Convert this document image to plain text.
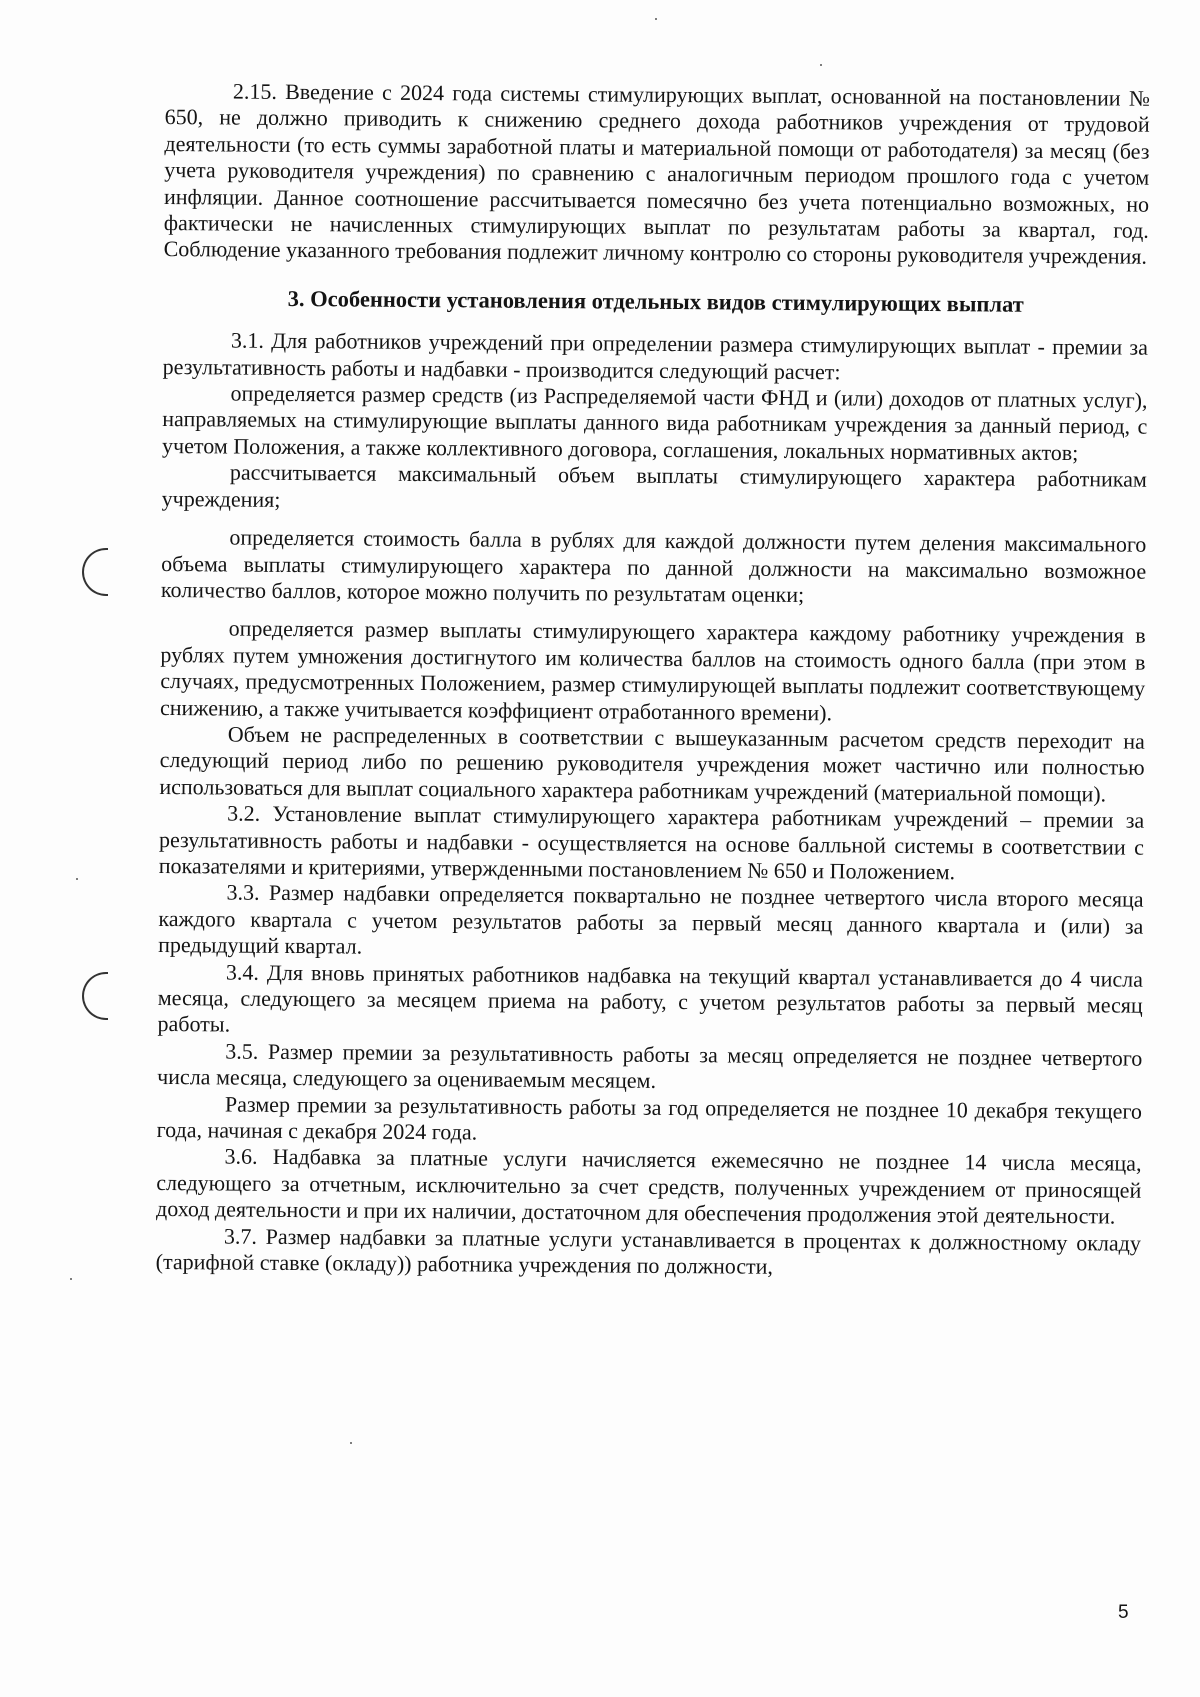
2.15. Введение с 2024 года системы стимулирующих выплат, основанной на постановлении № 650, не должно приводить к снижению среднего дохода работников учреждения от трудовой деятельности (то есть суммы заработной платы и материальной помощи от работодателя) за месяц (без учета руководителя учреждения) по сравнению с аналогичным периодом прошлого года с учетом инфляции. Данное соотношение рассчитывается помесячно без учета потенциально возможных, но фактически не начисленных стимулирующих выплат по результатам работы за квартал, год. Соблюдение указанного требования подлежит личному контролю со стороны руководителя учреждения.

3. Особенности установления отдельных видов стимулирующих выплат

3.1. Для работников учреждений при определении размера стимулирующих выплат - премии за результативность работы и надбавки - производится следующий расчет:

определяется размер средств (из Распределяемой части ФНД и (или) доходов от платных услуг), направляемых на стимулирующие выплаты данного вида работникам учреждения за данный период, с учетом Положения, а также коллективного договора, соглашения, локальных нормативных актов;

рассчитывается максимальный объем выплаты стимулирующего характера работникам учреждения;

определяется стоимость балла в рублях для каждой должности путем деления максимального объема выплаты стимулирующего характера по данной должности на максимально возможное количество баллов, которое можно получить по результатам оценки;

определяется размер выплаты стимулирующего характера каждому работнику учреждения в рублях путем умножения достигнутого им количества баллов на стоимость одного балла (при этом в случаях, предусмотренных Положением, размер стимулирующей выплаты подлежит соответствующему снижению, а также учитывается коэффициент отработанного времени).

Объем не распределенных в соответствии с вышеуказанным расчетом средств переходит на следующий период либо по решению руководителя учреждения может частично или полностью использоваться для выплат социального характера работникам учреждений (материальной помощи).

3.2. Установление выплат стимулирующего характера работникам учреждений – премии за результативность работы и надбавки - осуществляется на основе балльной системы в соответствии с показателями и критериями, утвержденными постановлением № 650 и Положением.

3.3. Размер надбавки определяется поквартально не позднее четвертого числа второго месяца каждого квартала с учетом результатов работы за первый месяц данного квартала и (или) за предыдущий квартал.

3.4. Для вновь принятых работников надбавка на текущий квартал устанавливается до 4 числа месяца, следующего за месяцем приема на работу, с учетом результатов работы за первый месяц работы.

3.5. Размер премии за результативность работы за месяц определяется не позднее четвертого числа месяца, следующего за оцениваемым месяцем.

Размер премии за результативность работы за год определяется не позднее 10 декабря текущего года, начиная с декабря 2024 года.

3.6. Надбавка за платные услуги начисляется ежемесячно не позднее 14 числа месяца, следующего за отчетным, исключительно за счет средств, полученных учреждением от приносящей доход деятельности и при их наличии, достаточном для обеспечения продолжения этой деятельности.

3.7. Размер надбавки за платные услуги устанавливается в процентах к должностному окладу (тарифной ставке (окладу)) работника учреждения по должности,

5
